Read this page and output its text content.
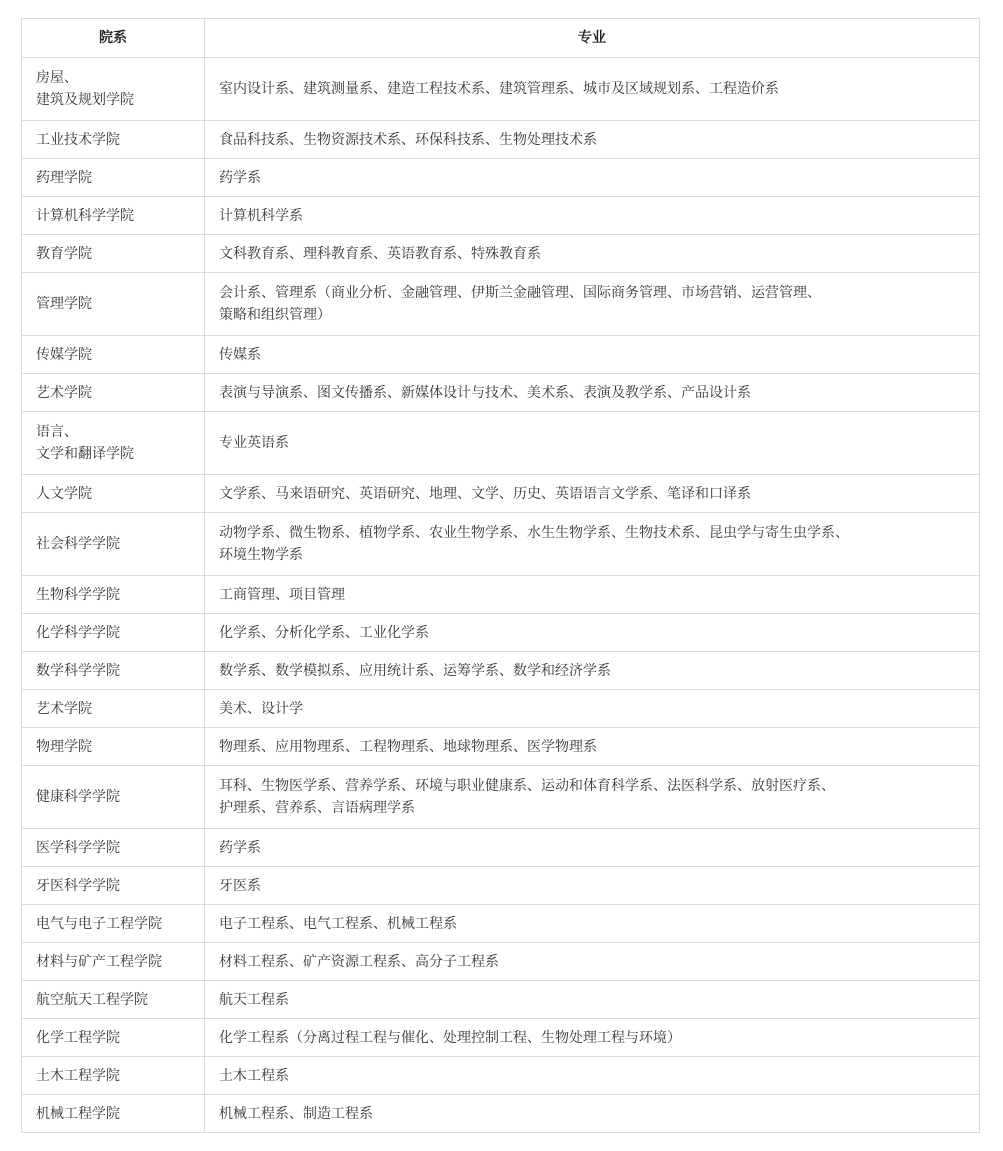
院系	专业
房屋、
建筑及规划学院	室内设计系、建筑测量系、建造工程技术系、建筑管理系、城市及区域规划系、工程造价系
工业技术学院	食品科技系、生物资源技术系、环保科技系、生物处理技术系
药理学院	药学系
计算机科学学院	计算机科学系
教育学院	文科教育系、理科教育系、英语教育系、特殊教育系
管理学院	会计系、管理系（商业分析、金融管理、伊斯兰金融管理、国际商务管理、市场营销、运营管理、
策略和组织管理）
传媒学院	传媒系
艺术学院	表演与导演系、图文传播系、新媒体设计与技术、美术系、表演及教学系、产品设计系
语言、
文学和翻译学院	专业英语系
人文学院	文学系、马来语研究、英语研究、地理、文学、历史、英语语言文学系、笔译和口译系
社会科学学院	动物学系、微生物系、植物学系、农业生物学系、水生生物学系、生物技术系、昆虫学与寄生虫学系、
环境生物学系
生物科学学院	工商管理、项目管理
化学科学学院	化学系、分析化学系、工业化学系
数学科学学院	数学系、数学模拟系、应用统计系、运筹学系、数学和经济学系
艺术学院	美术、设计学
物理学院	物理系、应用物理系、工程物理系、地球物理系、医学物理系
健康科学学院	耳科、生物医学系、营养学系、环境与职业健康系、运动和体育科学系、法医科学系、放射医疗系、
护理系、营养系、言语病理学系
医学科学学院	药学系
牙医科学学院	牙医系
电气与电子工程学院	电子工程系、电气工程系、机械工程系
材料与矿产工程学院	材料工程系、矿产资源工程系、高分子工程系
航空航天工程学院	航天工程系
化学工程学院	化学工程系（分离过程工程与催化、处理控制工程、生物处理工程与环境）
土木工程学院	土木工程系
机械工程学院	机械工程系、制造工程系
